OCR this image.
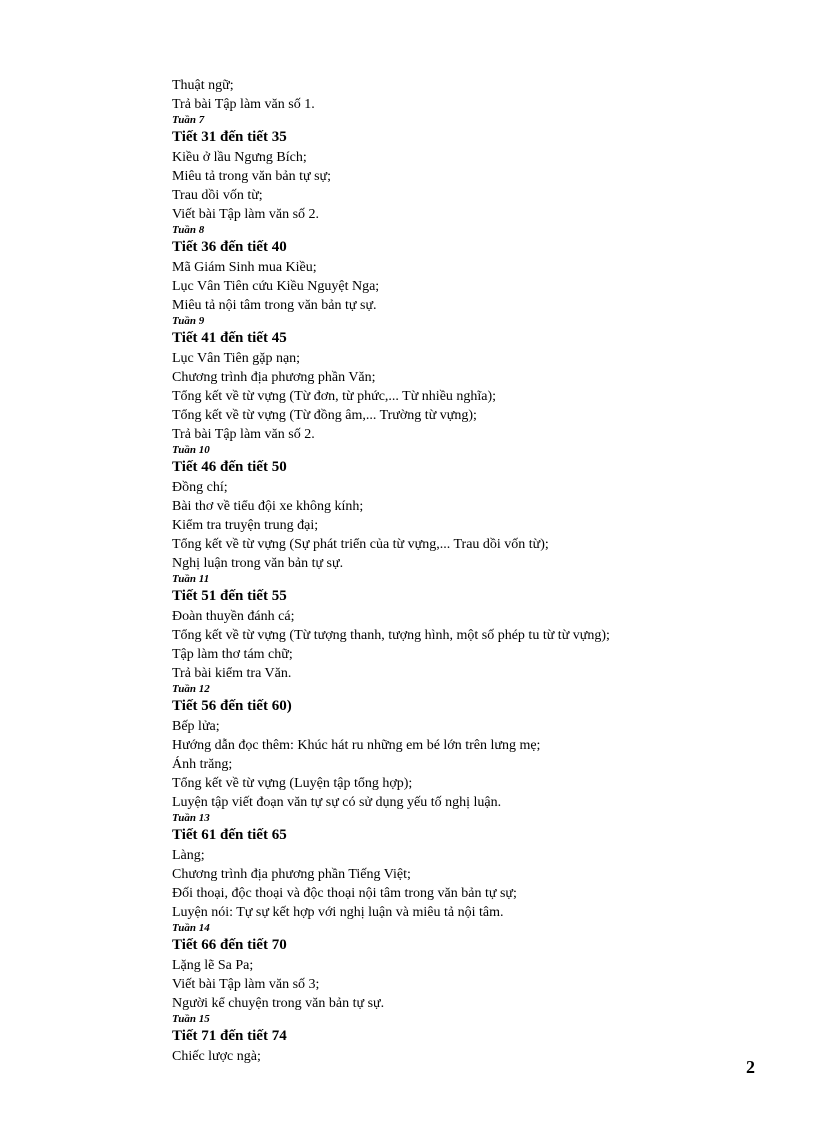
Thuật ngữ;
Trả bài Tập làm văn số 1.
Tuần 7
Tiết 31 đến tiết 35
Kiều ở lầu Ngưng Bích;
Miêu tả trong văn bản tự sự;
Trau dồi vốn từ;
Viết bài Tập làm văn số 2.
Tuần 8
Tiết 36 đến tiết 40
Mã Giám Sinh mua Kiều;
Lục Vân Tiên cứu Kiều Nguyệt Nga;
Miêu tả nội tâm trong văn bản tự sự.
Tuần 9
Tiết 41 đến tiết 45
Lục Vân Tiên gặp nạn;
Chương trình địa phương phần Văn;
Tổng kết về từ vựng (Từ đơn, từ phức,... Từ nhiều nghĩa);
Tổng kết về từ vựng (Từ đồng âm,... Trường từ vựng);
Trả bài Tập làm văn số 2.
Tuần 10
Tiết 46 đến tiết 50
Đồng chí;
Bài thơ về tiểu đội xe không kính;
Kiểm tra truyện trung đại;
Tổng kết về từ vựng (Sự phát triển của từ vựng,... Trau dồi vốn từ);
Nghị luận trong văn bản tự sự.
Tuần 11
Tiết 51 đến tiết 55
Đoàn thuyền đánh cá;
Tổng kết về từ vựng (Từ tượng thanh, tượng hình, một số phép tu từ từ vựng);
Tập làm thơ tám chữ;
Trả bài kiểm tra Văn.
Tuần 12
Tiết 56 đến tiết 60)
Bếp lửa;
Hướng dẫn đọc thêm: Khúc hát ru những em bé lớn trên lưng mẹ;
Ánh trăng;
Tổng kết về từ vựng (Luyện tập tổng hợp);
Luyện tập viết đoạn văn tự sự có sử dụng yếu tố nghị luận.
Tuần 13
Tiết 61 đến tiết 65
Làng;
Chương trình địa phương phần Tiếng Việt;
Đối thoại, độc thoại và độc thoại nội tâm trong văn bản tự sự;
Luyện nói: Tự sự kết hợp với nghị luận và miêu tả nội tâm.
Tuần 14
Tiết 66 đến tiết 70
Lặng lẽ Sa Pa;
Viết bài Tập làm văn số 3;
Người kể chuyện trong văn bản tự sự.
Tuần 15
Tiết 71 đến tiết 74
Chiếc lược ngà;
2
